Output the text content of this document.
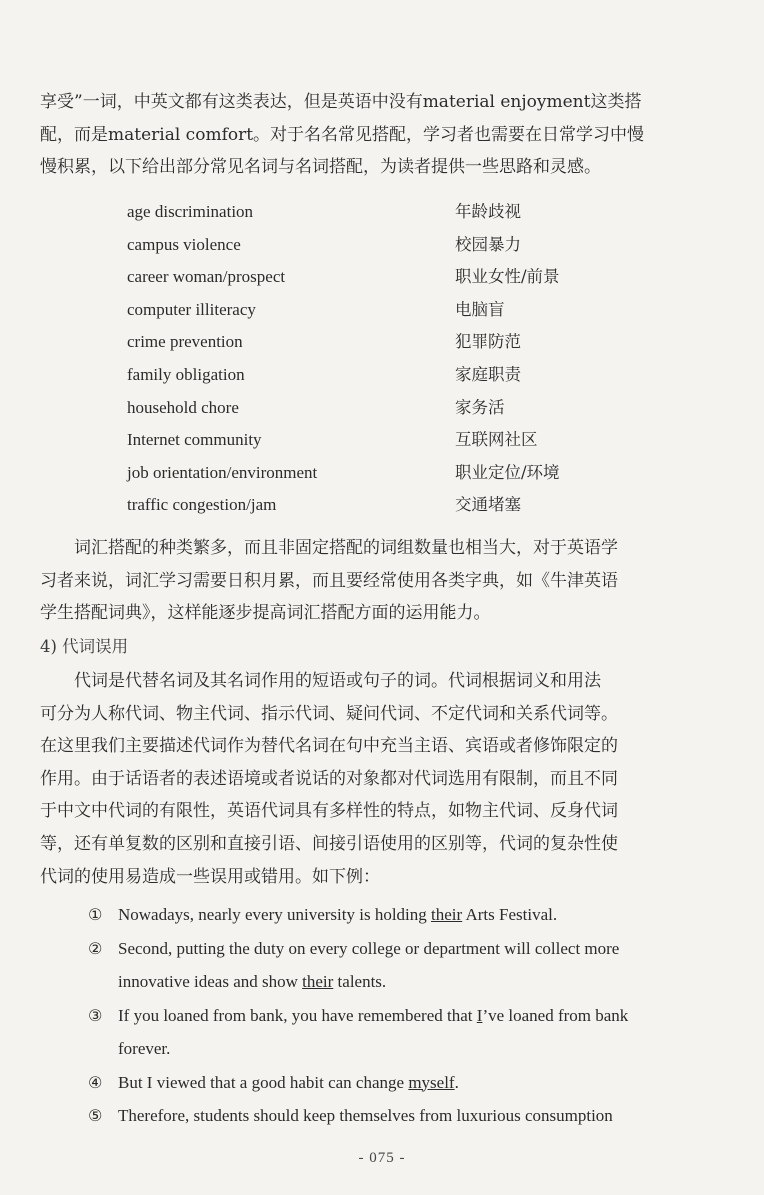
享受”一词，中英文都有这类表达，但是英语中没有material enjoyment这类搭
配，而是material comfort。对于名名常见搭配，学习者也需要在日常学习中慢
慢积累，以下给出部分常见名词与名词搭配，为读者提供一些思路和灵感。
age discrimination	年龄歧视
campus violence	校园暴力
career woman/prospect	职业女性/前景
computer illiteracy	电脑盲
crime prevention	犯罪防范
family obligation	家庭职责
household chore	家务活
Internet community	互联网社区
job orientation/environment	职业定位/环境
traffic congestion/jam	交通堵塞
　　词汇搭配的种类繁多，而且非固定搭配的词组数量也相当大，对于英语学
习者来说，词汇学习需要日积月累，而且要经常使用各类字典，如《牛津英语
学生搭配词典》，这样能逐步提高词汇搭配方面的运用能力。
4) 代词误用
　　代词是代替名词及其名词作用的短语或句子的词。代词根据词义和用法
可分为人称代词、物主代词、指示代词、疑问代词、不定代词和关系代词等。
在这里我们主要描述代词作为替代名词在句中充当主语、宾语或者修饰限定的
作用。由于话语者的表述语境或者说话的对象都对代词选用有限制，而且不同
于中文中代词的有限性，英语代词具有多样性的特点，如物主代词、反身代词
等，还有单复数的区别和直接引语、间接引语使用的区别等，代词的复杂性使
代词的使用易造成一些误用或错用。如下例：
① Nowadays, nearly every university is holding their Arts Festival.
② Second, putting the duty on every college or department will collect more
innovative ideas and show their talents.
③ If you loaned from bank, you have remembered that I’ve loaned from bank
forever.
④ But I viewed that a good habit can change myself.
⑤ Therefore, students should keep themselves from luxurious consumption
- 075 -
